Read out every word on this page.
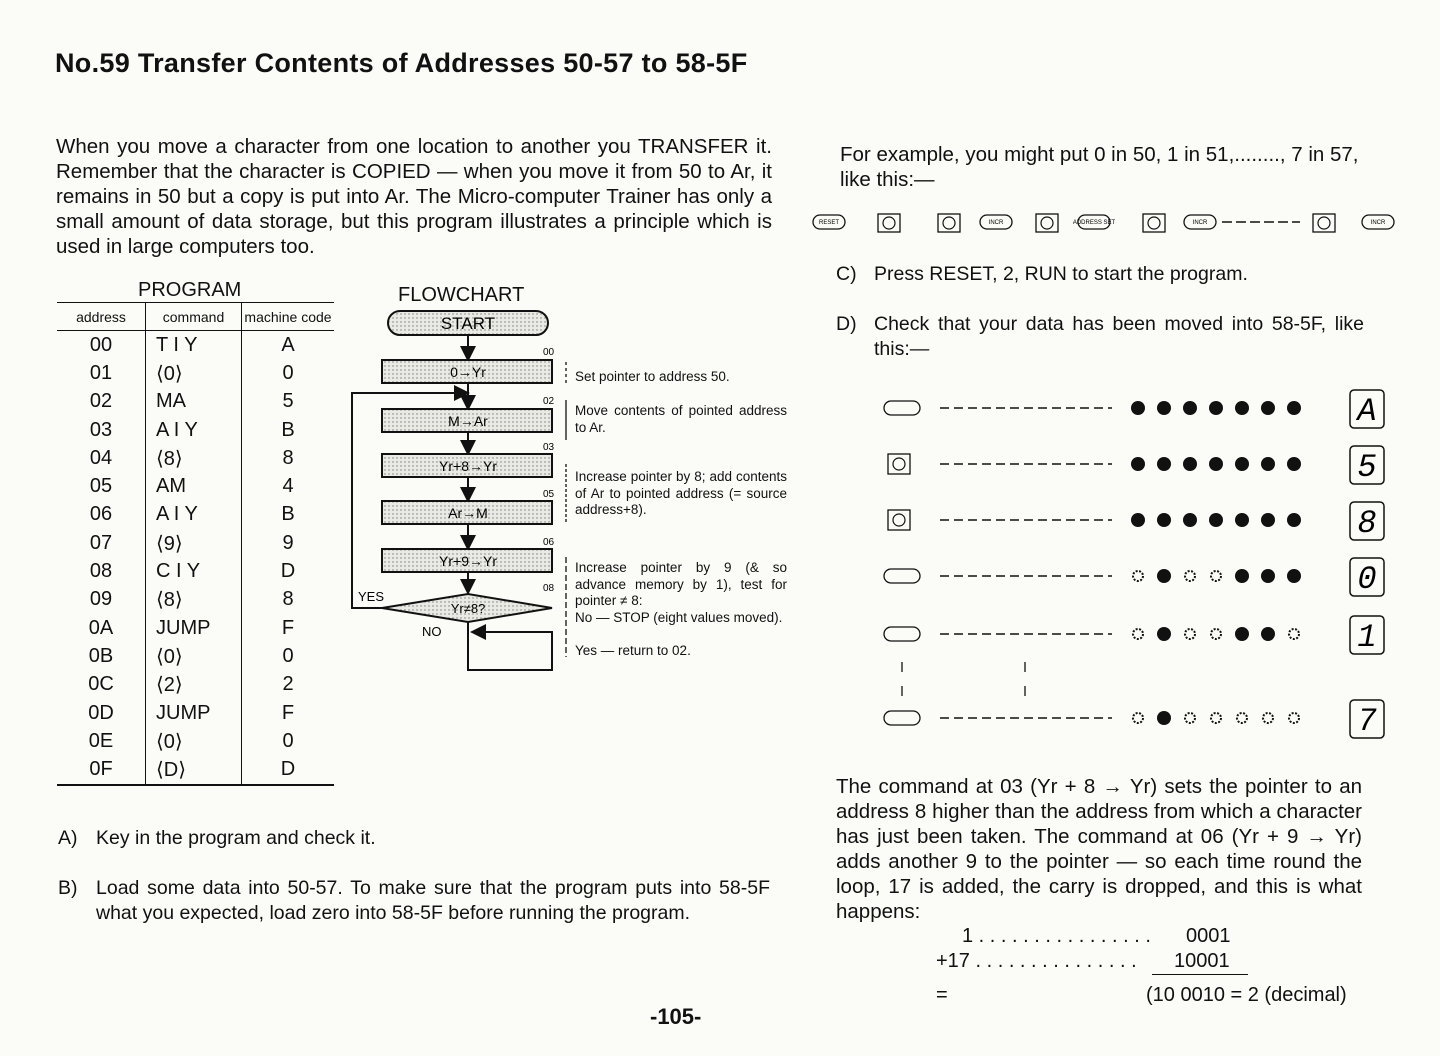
No.59 Transfer Contents of Addresses 50-57 to 58-5F
When you move a character from one location to another you TRANSFER it. Remember that the character is COPIED — when you move it from 50 to Ar, it remains in 50 but a copy is put into Ar. The Micro-computer Trainer has only a small amount of data storage, but this program illustrates a principle which is used in large computers too.
PROGRAM
address	command	machine code
00	T I Y	A
01	⟨0⟩	0
02	MA	5
03	A I Y	B
04	⟨8⟩	8
05	AM	4
06	A I Y	B
07	⟨9⟩	9
08	C I Y	D
09	⟨8⟩	8
0A	JUMP	F
0B	⟨0⟩	0
0C	⟨2⟩	2
0D	JUMP	F
0E	⟨0⟩	0
0F	⟨D⟩	D
FLOWCHART
START
0→Yr
M→Ar
Yr+8→Yr
Ar→M
Yr+9→Yr
Yr≠8?
YES
NO
00
02
03
05
06
08
Set pointer to address 50.
Move contents of pointed address to Ar.
Increase pointer by 8; add contents of Ar to pointed address (= source address+8).
Increase pointer by 9 (& so advance memory by 1), test for pointer ≠ 8:
No — STOP (eight values moved).
Yes — return to 02.
A) Key in the program and check it.
B) Load some data into 50-57. To make sure that the program puts into 58-5F what you expected, load zero into 58-5F before running the program.
For example, you might put 0 in 50, 1 in 51,........, 7 in 57, like this:—
RESET	INCR	ADDRESS SET	INCR	INCR
C) Press RESET, 2, RUN to start the program.
D) Check that your data has been moved into 58-5F, like this:—
A
5
8
0
1
7
The command at 03 (Yr + 8 → Yr) sets the pointer to an address 8 higher than the address from which a character has just been taken. The command at 06 (Yr + 9 → Yr) adds another 9 to the pointer — so each time round the loop, 17 is added, the carry is dropped, and this is what happens:
1 . . . . . . . . . . . . . . . . 0001
+17 . . . . . . . . . . . . . . . 10001
=	(10 0010 = 2 (decimal)
-105-
